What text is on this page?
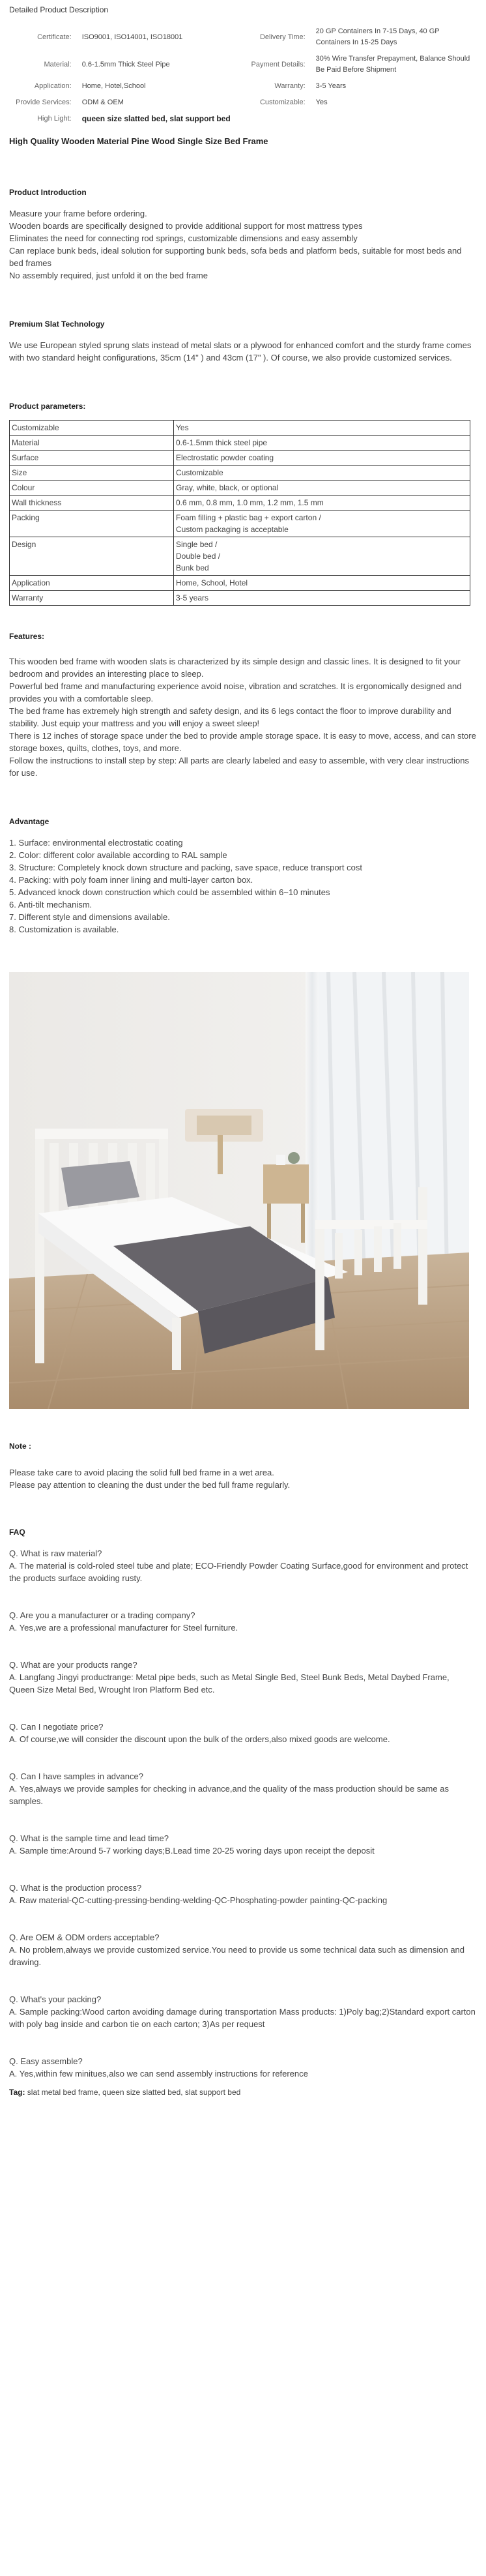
Detailed Product Description
Certificate:	ISO9001, ISO14001, ISO18001	Delivery Time:	20 GP Containers In 7-15 Days, 40 GP Containers In 15-25 Days
Material:	0.6-1.5mm Thick Steel Pipe	Payment Details:	30% Wire Transfer Prepayment, Balance Should Be Paid Before Shipment
Application:	Home, Hotel,School	Warranty:	3-5 Years
Provide Services:	ODM & OEM	Customizable:	Yes
High Light:	queen size slatted bed, slat support bed		
High Quality Wooden Material Pine Wood Single Size Bed Frame
Product Introduction

Measure your frame before ordering.

Wooden boards are specifically designed to provide additional support for most mattress types

Eliminates the need for connecting rod springs, customizable dimensions and easy assembly

Can replace bunk beds, ideal solution for supporting bunk beds, sofa beds and platform beds, suitable for most beds and bed frames

No assembly required, just unfold it on the bed frame

Premium Slat Technology
We use European styled sprung slats instead of metal slats or a plywood for enhanced comfort and the sturdy frame comes with two standard height configurations, 35cm (14" ) and 43cm (17" ). Of course, we also provide customized services.
Product parameters:
Customizable	Yes

Material	0.6-1.5mm thick steel pipe

Surface	Electrostatic powder coating

Size	Customizable

Colour	Gray, white, black, or optional

Wall thickness	0.6 mm, 0.8 mm, 1.0 mm, 1.2 mm, 1.5 mm

Packing	Foam filling + plastic bag + export carton /
Custom packaging is acceptable

Design	Single bed /
Double bed /
Bunk bed

Application	Home, School, Hotel

Warranty	3-5 years
Features:

This wooden bed frame with wooden slats is characterized by its simple design and classic lines. It is designed to fit your bedroom and provides an interesting place to sleep.

Powerful bed frame and manufacturing experience avoid noise, vibration and scratches. It is ergonomically designed and provides you with a comfortable sleep.

The bed frame has extremely high strength and safety design, and its 6 legs contact the floor to improve durability and stability. Just equip your mattress and you will enjoy a sweet sleep!

There is 12 inches of storage space under the bed to provide ample storage space. It is easy to move, access, and can store storage boxes, quilts, clothes, toys, and more.

Follow the instructions to install step by step: All parts are clearly labeled and easy to assemble, with very clear instructions for use.

Advantage

1. Surface: environmental electrostatic coating

2. Color: different color available according to RAL sample

3. Structure: Completely knock down structure and packing, save space, reduce transport cost

4. Packing: with poly foam inner lining and multi-layer carton box.

5. Advanced knock down construction which could be assembled within 6~10 minutes

6. Anti-tilt mechanism.

7. Different style and dimensions available.

8. Customization is available.

Note :

Please take care to avoid placing the solid full bed frame in a wet area.

Please pay attention to cleaning the dust under the bed full frame regularly.

FAQ
Q. What is raw material?
A. The material is cold-roled steel tube and plate; ECO-Friendly Powder Coating Surface,good for environment and protect the products surface avoiding rusty.
Q. Are you a manufacturer or a trading company?
A. Yes,we are a professional manufacturer for Steel furniture.
Q. What are your products range?
A. Langfang Jingyi productrange: Metal pipe beds, such as Metal Single Bed, Steel Bunk Beds, Metal Daybed Frame, Queen Size Metal Bed, Wrought Iron Platform Bed etc.
Q. Can I negotiate price?
A. Of course,we will consider the discount upon the bulk of the orders,also mixed goods are welcome.
Q. Can I have samples in advance?
A. Yes,always we provide samples for checking in advance,and the quality of the mass production should be same as samples.
Q. What is the sample time and lead time?
A. Sample time:Around 5-7 working days;B.Lead time 20-25 woring days upon receipt the deposit
Q. What is the production process?
A. Raw material-QC-cutting-pressing-bending-welding-QC-Phosphating-powder painting-QC-packing
Q. Are OEM & ODM orders acceptable?
A. No problem,always we provide customized service.You need to provide us some technical data such as dimension and drawing.
Q. What's your packing?
A. Sample packing:Wood carton avoiding damage during transportation Mass products: 1)Poly bag;2)Standard export carton with poly bag inside and carbon tie on each carton; 3)As per request
Q. Easy assemble?
A. Yes,within few minitues,also we can send assembly instructions for reference
Tag: slat metal bed frame, queen size slatted bed, slat support bed
